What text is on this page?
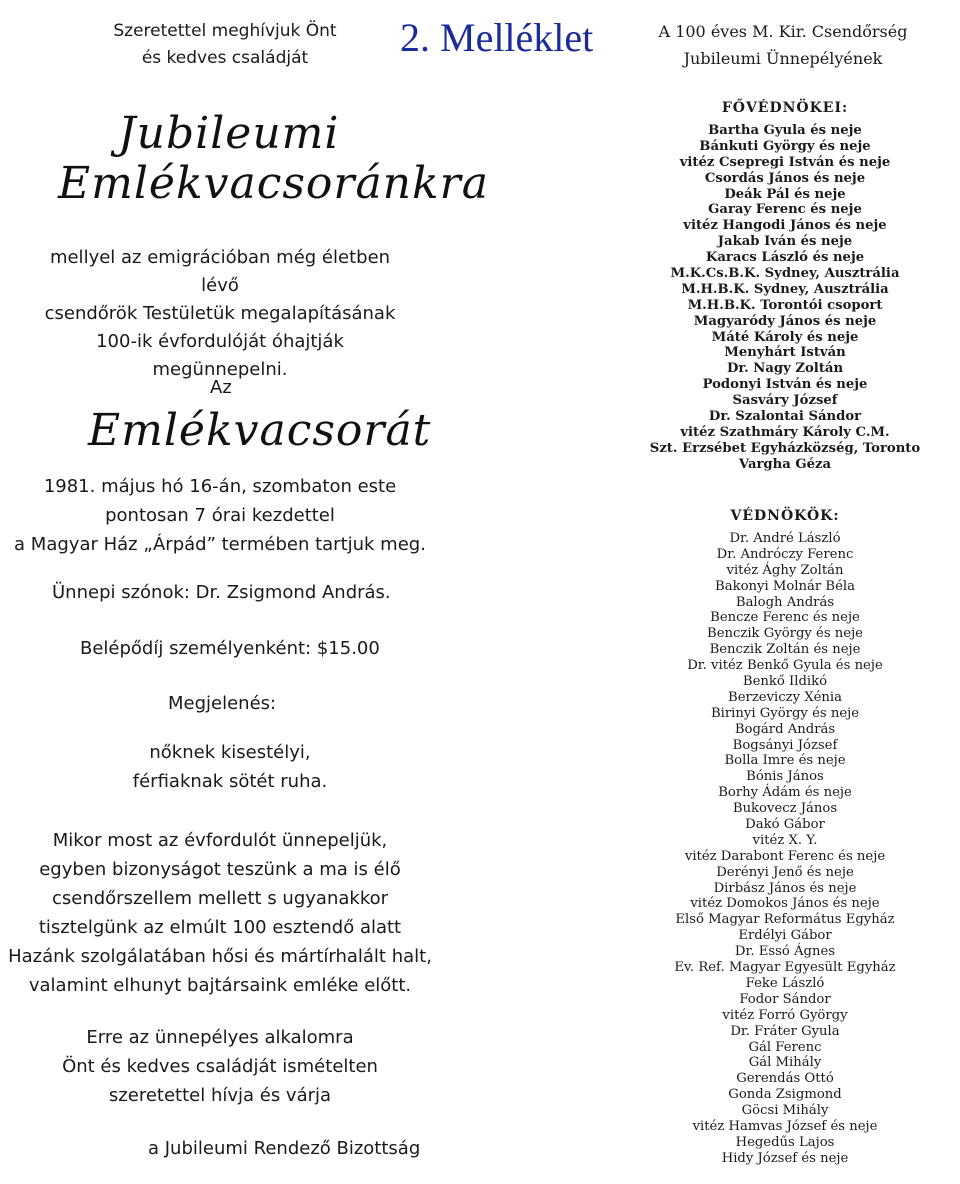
Szeretettel meghívjuk Önt
és kedves családját
Jubileumi
Emlékvacsoránkra
mellyel az emigrációban még életben lévő
csendőrök Testületük megalapításának
100-ik évfordulóját óhajtják megünnepelni.
Az
Emlékvacsorát
1981. május hó 16-án, szombaton este
pontosan 7 órai kezdettel
a Magyar Ház „Árpád” termében tartjuk meg.
Ünnepi szónok: Dr. Zsigmond András.
Belépődíj személyenként: $15.00
Megjelenés:
nőknek kisestélyi,
férfiaknak sötét ruha.
Mikor most az évfordulót ünnepeljük,
egyben bizonyságot teszünk a ma is élő
csendőrszellem mellett s ugyanakkor
tisztelgünk az elmúlt 100 esztendő alatt
Hazánk szolgálatában hősi és mártírhalált halt,
valamint elhunyt bajtársaink emléke előtt.
Erre az ünnepélyes alkalomra
Önt és kedves családját ismételten
szeretettel hívja és várja
a Jubileumi Rendező Bizottság
2. Melléklet	A 100 éves M. Kir. Csendőrség
Jubileumi Ünnepélyének
FŐVÉDNÖKEI:
Bartha Gyula és neje
Bánkuti György és neje
vitéz Csepregi István és neje
Csordás János és neje
Deák Pál és neje
Garay Ferenc és neje
vitéz Hangodi János és neje
Jakab Iván és neje
Karacs László és neje
M.K.Cs.B.K. Sydney, Ausztrália
M.H.B.K. Sydney, Ausztrália
M.H.B.K. Torontói csoport
Magyaródy János és neje
Máté Károly és neje
Menyhárt István
Dr. Nagy Zoltán
Podonyi István és neje
Sasváry József
Dr. Szalontai Sándor
vitéz Szathmáry Károly C.M.
Szt. Erzsébet Egyházközség, Toronto
Vargha Géza
VÉDNÖKÖK:
Dr. André László
Dr. Andróczy Ferenc
vitéz Ághy Zoltán
Bakonyi Molnár Béla
Balogh András
Bencze Ferenc és neje
Benczik György és neje
Benczik Zoltán és neje
Dr. vitéz Benkő Gyula és neje
Benkő Ildikó
Berzeviczy Xénia
Birinyi György és neje
Bogárd András
Bogsányi József
Bolla Imre és neje
Bónis János
Borhy Ádám és neje
Bukovecz János
Dakó Gábor
vitéz X. Y.
vitéz Darabont Ferenc és neje
Derényi Jenő és neje
Dirbász János és neje
vitéz Domokos János és neje
Első Magyar Református Egyház
Erdélyi Gábor
Dr. Essó Ágnes
Ev. Ref. Magyar Egyesült Egyház
Feke László
Fodor Sándor
vitéz Forró György
Dr. Fráter Gyula
Gál Ferenc
Gál Mihály
Gerendás Ottó
Gonda Zsigmond
Göcsi Mihály
vitéz Hamvas József és neje
Hegedűs Lajos
Hidy József és neje
